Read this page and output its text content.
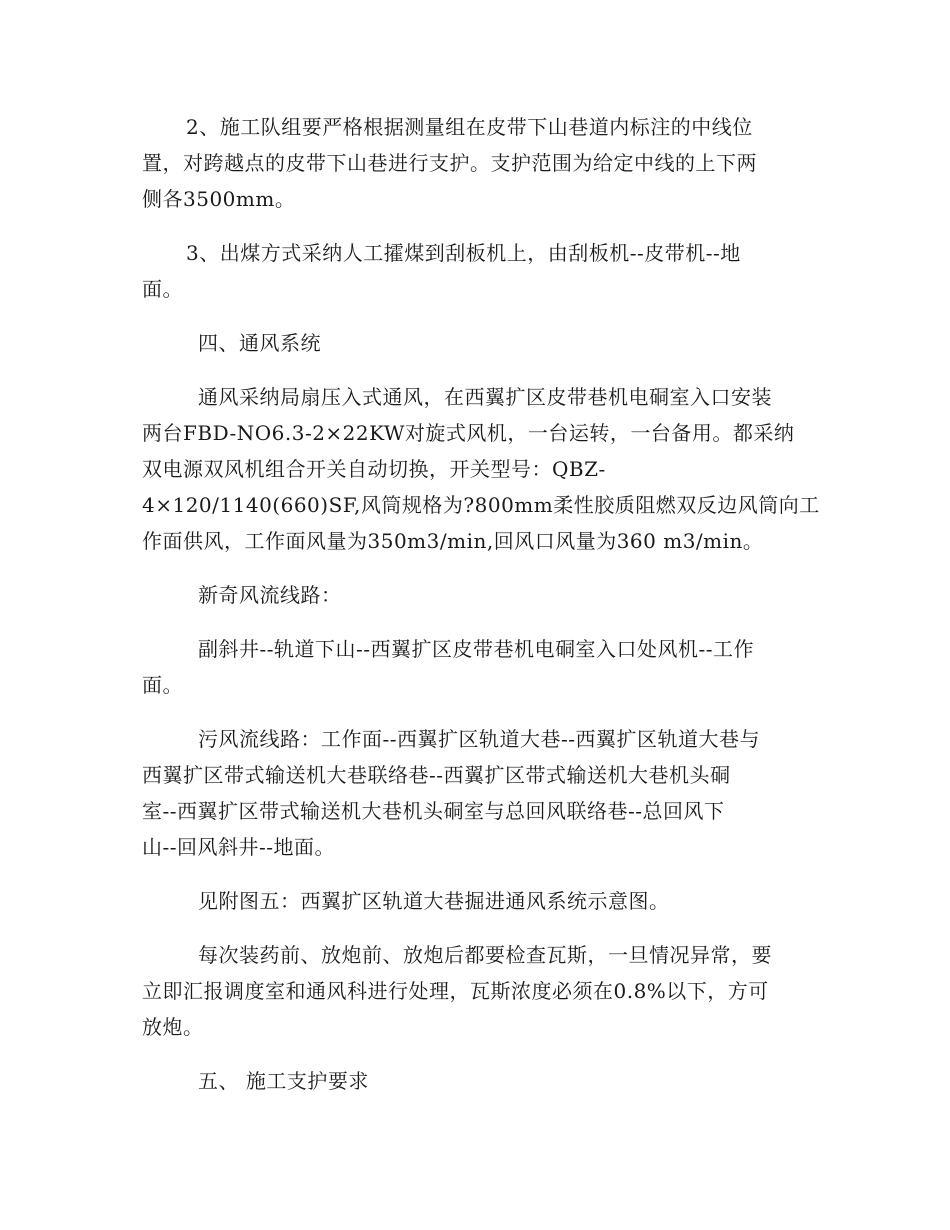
2、施工队组要严格根据测量组在皮带下山巷道内标注的中线位
置，对跨越点的皮带下山巷进行支护。支护范围为给定中线的上下两
侧各3500mm。
3、出煤方式采纳人工攉煤到刮板机上，由刮板机--皮带机--地
面。
四、通风系统
通风采纳局扇压入式通风，在西翼扩区皮带巷机电硐室入口安装
两台FBD-NO6.3-2×22KW对旋式风机，一台运转，一台备用。都采纳
双电源双风机组合开关自动切换，开关型号：QBZ-
4×120/1140(660)SF,风筒规格为?800mm柔性胶质阻燃双反边风筒向工
作面供风，工作面风量为350m3/min,回风口风量为360 m3/min。
新奇风流线路：
副斜井--轨道下山--西翼扩区皮带巷机电硐室入口处风机--工作
面。
污风流线路：工作面--西翼扩区轨道大巷--西翼扩区轨道大巷与
西翼扩区带式输送机大巷联络巷--西翼扩区带式输送机大巷机头硐
室--西翼扩区带式输送机大巷机头硐室与总回风联络巷--总回风下
山--回风斜井--地面。
见附图五：西翼扩区轨道大巷掘进通风系统示意图。
每次装药前、放炮前、放炮后都要检查瓦斯，一旦情况异常，要
立即汇报调度室和通风科进行处理，瓦斯浓度必须在0.8%以下，方可
放炮。
五、 施工支护要求
